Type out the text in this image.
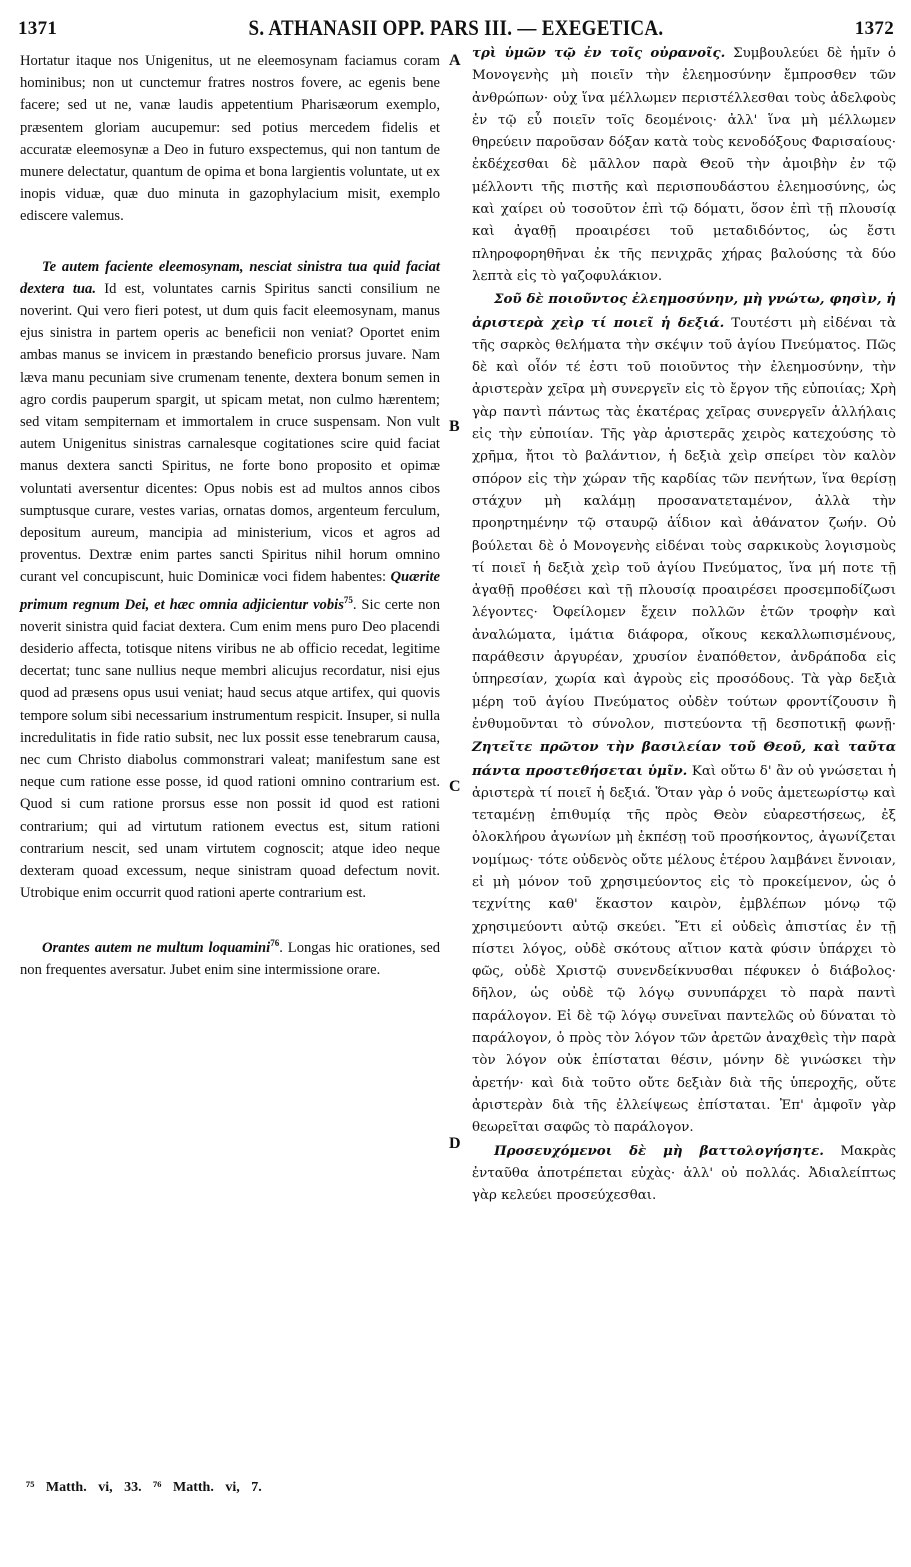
1371	S. ATHANASII OPP. PARS III. — EXEGETICA.	1372

Hortatur itaque nos Unigenitus, ut ne eleemosynam faciamus coram hominibus; non ut cunctemur fratres nostros fovere, ac egenis bene facere; sed ut ne, vanæ laudis appetentium Pharisæorum exemplo, præsentem gloriam aucupemur: sed potius mercedem fidelis et accuratæ eleemosynæ a Deo in futuro exspectemus, qui non tantum de munere delectatur, quantum de opima et bona largientis voluntate, ut ex inopis viduæ, quæ duo minuta in gazophylacium misit, exemplo ediscere valemus.

Te autem faciente eleemosynam, nesciat sinistra tua quid faciat dextera tua. Id est, voluntates carnis Spiritus sancti consilium ne noverint. Qui vero fieri potest, ut dum quis facit eleemosynam, manus ejus sinistra in partem operis ac beneficii non veniat? Oportet enim ambas manus se invicem in præstando beneficio prorsus juvare. Nam læva manu pecuniam sive crumenam tenente, dextera bonum semen in agro cordis pauperum spargit, ut spicam metat, non culmo hærentem; sed vitam sempiternam et immortalem in cruce suspensam. Non vult autem Unigenitus sinistras carnalesque cogitationes scire quid faciat manus dextera sancti Spiritus, ne forte bono proposito et opimæ voluntati aversentur dicentes: Opus nobis est ad multos annos cibos sumptusque curare, vestes varias, ornatas domos, argenteum ferculum, depositum aureum, mancipia ad ministerium, vicos et agros ad proventus. Dextræ enim partes sancti Spiritus nihil horum omnino curant vel concupiscunt, huic Dominicæ voci fidem habentes: Quærite primum regnum Dei, et hæc omnia adjicientur vobis$^{75}$. Sic certe non noverit sinistra quid faciat dextera. Cum enim mens puro Deo placendi desiderio affecta, totisque nitens viribus ne ab officio recedat, legitime decertat; tunc sane nullius neque membri alicujus recordatur, nisi ejus quod ad præsens opus usui veniat; haud secus atque artifex, qui quovis tempore solum sibi necessarium instrumentum respicit. Insuper, si nulla incredulitatis in fide ratio subsit, nec lux possit esse tenebrarum causa, nec cum Christo diabolus commonstrari valeat; manifestum sane est neque cum ratione esse posse, id quod rationi omnino contrarium est. Quod si cum ratione prorsus esse non possit id quod est rationi contrarium; qui ad virtutum rationem evectus est, situm rationi contrarium nescit, sed unam virtutem cognoscit; atque ideo neque dexteram quoad excessum, neque sinistram quoad defectum novit. Utrobique enim occurrit quod rationi aperte contrarium est.

Orantes autem ne multum loquamini$^{76}$. Longas hic orationes, sed non frequentes aversatur. Jubet enim sine intermissione orare.

A
B
C
D

τρὶ ὑμῶν τῷ ἐν τοῖς οὐρανοῖς. Συμβουλεύει δὲ ἡμῖν ὁ Μονογενὴς μὴ ποιεῖν τὴν ἐλεημοσύνην ἔμπροσθεν τῶν ἀνθρώπων· οὐχ ἵνα μέλλωμεν περιστέλλεσθαι τοὺς ἀδελφοὺς ἐν τῷ εὖ ποιεῖν τοῖς δεομένοις· ἀλλ' ἵνα μὴ μέλλωμεν θηρεύειν παροῦσαν δόξαν κατὰ τοὺς κενοδόξους Φαρισαίους· ἐκδέχεσθαι δὲ μᾶλλον παρὰ Θεοῦ τὴν ἀμοιβὴν ἐν τῷ μέλλοντι τῆς πιστῆς καὶ περισπουδάστου ἐλεημοσύνης, ὡς καὶ χαίρει οὐ τοσοῦτον ἐπὶ τῷ δόματι, ὅσον ἐπὶ τῇ πλουσίᾳ καὶ ἀγαθῇ προαιρέσει τοῦ μεταδιδόντος, ὡς ἔστι πληροφορηθῆναι ἐκ τῆς πενιχρᾶς χήρας βαλούσης τὰ δύο λεπτὰ εἰς τὸ γαζοφυλάκιον.

Σοῦ δὲ ποιοῦντος ἐλεημοσύνην, μὴ γνώτω, φησὶν, ἡ ἀριστερὰ χεὶρ τί ποιεῖ ἡ δεξιά. Τουτέστι μὴ εἰδέναι τὰ τῆς σαρκὸς θελήματα τὴν σκέψιν τοῦ ἁγίου Πνεύματος. Πῶς δὲ καὶ οἷόν τέ ἐστι τοῦ ποιοῦντος τὴν ἐλεημοσύνην, τὴν ἀριστερὰν χεῖρα μὴ συνεργεῖν εἰς τὸ ἔργον τῆς εὐποιίας; Χρὴ γὰρ παντὶ πάντως τὰς ἑκατέρας χεῖρας συνεργεῖν ἀλλήλαις εἰς τὴν εὐποιίαν. Τῆς γὰρ ἀριστερᾶς χειρὸς κατεχούσης τὸ χρῆμα, ἤτοι τὸ βαλάντιον, ἡ δεξιὰ χεὶρ σπείρει τὸν καλὸν σπόρον εἰς τὴν χώραν τῆς καρδίας τῶν πενήτων, ἵνα θερίσῃ στάχυν μὴ καλάμῃ προσανατεταμένον, ἀλλὰ τὴν προηρτημένην τῷ σταυρῷ ἀΐδιον καὶ ἀθάνατον ζωήν. Οὐ βούλεται δὲ ὁ Μονογενὴς εἰδέναι τοὺς σαρκικοὺς λογισμοὺς τί ποιεῖ ἡ δεξιὰ χεὶρ τοῦ ἁγίου Πνεύματος, ἵνα μή ποτε τῇ ἀγαθῇ προθέσει καὶ τῇ πλουσίᾳ προαιρέσει προσεμποδίζωσι λέγοντες· Ὀφείλομεν ἔχειν πολλῶν ἐτῶν τροφὴν καὶ ἀναλώματα, ἱμάτια διάφορα, οἴκους κεκαλλωπισμένους, παράθεσιν ἀργυρέαν, χρυσίον ἐναπόθετον, ἀνδράποδα εἰς ὑπηρεσίαν, χωρία καὶ ἀγροὺς εἰς προσόδους. Τὰ γὰρ δεξιὰ μέρη τοῦ ἁγίου Πνεύματος οὐδὲν τούτων φροντίζουσιν ἢ ἐνθυμοῦνται τὸ σύνολον, πιστεύοντα τῇ δεσποτικῇ φωνῇ· Ζητεῖτε πρῶτον τὴν βασιλείαν τοῦ Θεοῦ, καὶ ταῦτα πάντα προστεθήσεται ὑμῖν. Καὶ οὕτω δ' ἂν οὐ γνώσεται ἡ ἀριστερὰ τί ποιεῖ ἡ δεξιά. Ὅταν γὰρ ὁ νοῦς ἀμετεωρίστῳ καὶ τεταμένῃ ἐπιθυμίᾳ τῆς πρὸς Θεὸν εὐαρεστήσεως, ἐξ ὁλοκλήρου ἀγωνίων μὴ ἐκπέσῃ τοῦ προσήκοντος, ἀγωνίζεται νομίμως· τότε οὐδενὸς οὔτε μέλους ἑτέρου λαμβάνει ἔννοιαν, εἰ μὴ μόνον τοῦ χρησιμεύοντος εἰς τὸ προκείμενον, ὡς ὁ τεχνίτης καθ' ἕκαστον καιρὸν, ἐμβλέπων μόνῳ τῷ χρησιμεύοντι αὐτῷ σκεύει. Ἔτι εἰ οὐδεὶς ἀπιστίας ἐν τῇ πίστει λόγος, οὐδὲ σκότους αἴτιον κατὰ φύσιν ὑπάρχει τὸ φῶς, οὐδὲ Χριστῷ συνενδείκνυσθαι πέφυκεν ὁ διάβολος· δῆλον, ὡς οὐδὲ τῷ λόγῳ συνυπάρχει τὸ παρὰ παντὶ παράλογον. Εἰ δὲ τῷ λόγῳ συνεῖναι παντελῶς οὐ δύναται τὸ παράλογον, ὁ πρὸς τὸν λόγον τῶν ἀρετῶν ἀναχθεὶς τὴν παρὰ τὸν λόγον οὐκ ἐπίσταται θέσιν, μόνην δὲ γινώσκει τὴν ἀρετήν· καὶ διὰ τοῦτο οὔτε δεξιὰν διὰ τῆς ὑπεροχῆς, οὔτε ἀριστερὰν διὰ τῆς ἐλλείψεως ἐπίσταται. Ἐπ' ἀμφοῖν γὰρ θεωρεῖται σαφῶς τὸ παράλογον.

Προσευχόμενοι δὲ μὴ βαττολογήσητε. Μακρὰς ἐνταῦθα ἀποτρέπεται εὐχὰς· ἀλλ' οὐ πολλάς. Ἀδιαλείπτως γὰρ κελεύει προσεύχεσθαι.

⁷⁵ Matth. vi, 33. ⁷⁶ Matth. vi, 7.
